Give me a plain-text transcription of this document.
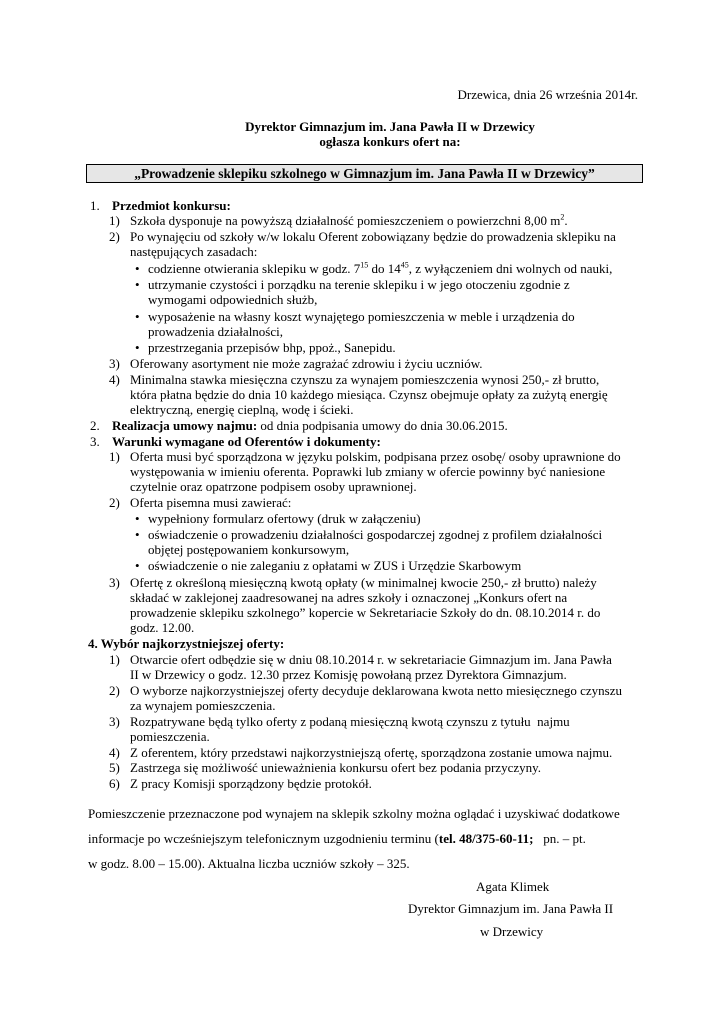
Drzewica, dnia 26 września 2014r.
Dyrektor Gimnazjum im. Jana Pawła II w Drzewicy
ogłasza konkurs ofert na:
„Prowadzenie sklepiku szkolnego w Gimnazjum im. Jana Pawła II w Drzewicy”
1. Przedmiot konkursu:
1) Szkoła dysponuje na powyższą działalność pomieszczeniem o powierzchni 8,00 $m^2$.
2) Po wynajęciu od szkoły w/w lokalu Oferent zobowiązany będzie do prowadzenia sklepiku na
następujących zasadach:
• codzienne otwierania sklepiku w godz. $7^{15}$ do $14^{45}$, z wyłączeniem dni wolnych od nauki,
• utrzymanie czystości i porządku na terenie sklepiku i w jego otoczeniu zgodnie z
wymogami odpowiednich służb,
• wyposażenie na własny koszt wynajętego pomieszczenia w meble i urządzenia do
prowadzenia działalności,
• przestrzegania przepisów bhp, ppoż., Sanepidu.
3) Oferowany asortyment nie może zagrażać zdrowiu i życiu uczniów.
4) Minimalna stawka miesięczna czynszu za wynajem pomieszczenia wynosi 250,- zł brutto,
która płatna będzie do dnia 10 każdego miesiąca. Czynsz obejmuje opłaty za zużytą energię
elektryczną, energię cieplną, wodę i ścieki.
2. Realizacja umowy najmu: od dnia podpisania umowy do dnia 30.06.2015.
3. Warunki wymagane od Oferentów i dokumenty:
1) Oferta musi być sporządzona w języku polskim, podpisana przez osobę/ osoby uprawnione do
występowania w imieniu oferenta. Poprawki lub zmiany w ofercie powinny być naniesione
czytelnie oraz opatrzone podpisem osoby uprawnionej.
2) Oferta pisemna musi zawierać:
• wypełniony formularz ofertowy (druk w załączeniu)
• oświadczenie o prowadzeniu działalności gospodarczej zgodnej z profilem działalności
objętej postępowaniem konkursowym,
• oświadczenie o nie zaleganiu z opłatami w ZUS i Urzędzie Skarbowym
3) Ofertę z określoną miesięczną kwotą opłaty (w minimalnej kwocie 250,- zł brutto) należy
składać w zaklejonej zaadresowanej na adres szkoły i oznaczonej „Konkurs ofert na
prowadzenie sklepiku szkolnego” kopercie w Sekretariacie Szkoły do dn. 08.10.2014 r. do
godz. 12.00.
4. Wybór najkorzystniejszej oferty:
1) Otwarcie ofert odbędzie się w dniu 08.10.2014 r. w sekretariacie Gimnazjum im. Jana Pawła
II w Drzewicy o godz. 12.30 przez Komisję powołaną przez Dyrektora Gimnazjum.
2) O wyborze najkorzystniejszej oferty decyduje deklarowana kwota netto miesięcznego czynszu
za wynajem pomieszczenia.
3) Rozpatrywane będą tylko oferty z podaną miesięczną kwotą czynszu z tytułu  najmu
pomieszczenia.
4) Z oferentem, który przedstawi najkorzystniejszą ofertę, sporządzona zostanie umowa najmu.
5) Zastrzega się możliwość unieważnienia konkursu ofert bez podania przyczyny.
6) Z pracy Komisji sporządzony będzie protokół.
Pomieszczenie przeznaczone pod wynajem na sklepik szkolny można oglądać i uzyskiwać dodatkowe
informacje po wcześniejszym telefonicznym uzgodnieniu terminu (tel. 48/375-60-11;   pn. – pt.
w godz. 8.00 – 15.00). Aktualna liczba uczniów szkoły – 325.
Agata Klimek
Dyrektor Gimnazjum im. Jana Pawła II
w Drzewicy
